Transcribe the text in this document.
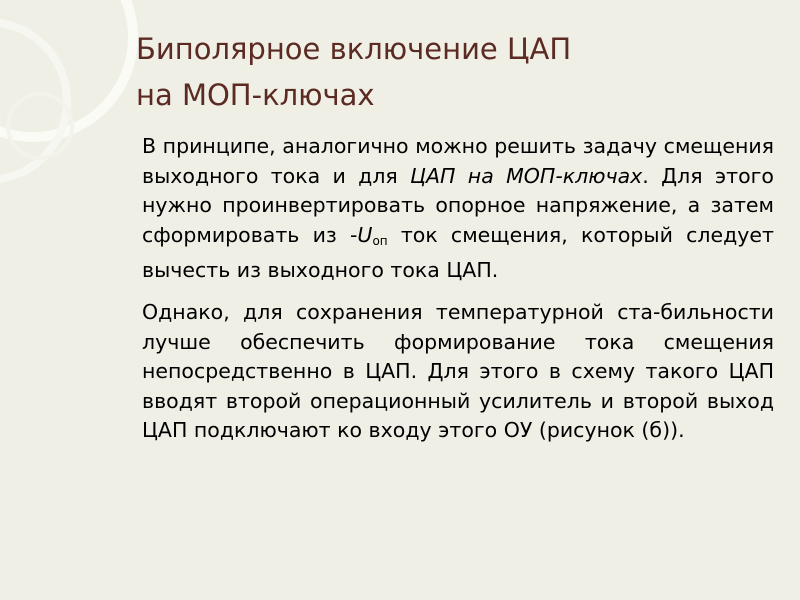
Биполярное включение ЦАП
на МОП-ключах

В принципе, аналогично можно решить задачу смещения выходного тока и для ЦАП на МОП-ключах. Для этого нужно проинвертировать опорное напряжение, а затем сформировать из $-U_{оп}$ ток смещения, который следует вычесть из выходного тока ЦАП.

Однако, для сохранения температурной ста-бильности лучше обеспечить формирование тока смещения непосредственно в ЦАП. Для этого в схему такого ЦАП вводят второй операционный усилитель и второй выход ЦАП подключают ко входу этого ОУ (рисунок (б)).
